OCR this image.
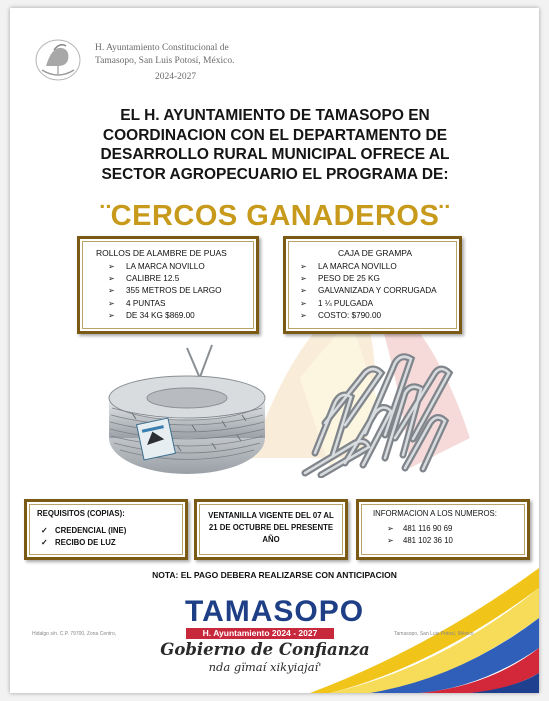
H. Ayuntamiento Constitucional de
Tamasopo, San Luis Potosí, México.
2024-2027
EL H. AYUNTAMIENTO DE TAMASOPO EN
COORDINACION CON EL DEPARTAMENTO DE
DESARROLLO RURAL MUNICIPAL OFRECE AL
SECTOR AGROPECUARIO EL PROGRAMA DE:
¨CERCOS GANADEROS¨
ROLLOS DE ALAMBRE DE PUAS
➢ LA MARCA NOVILLO
➢ CALIBRE 12.5
➢ 355 METROS DE LARGO
➢ 4 PUNTAS
➢ DE 34 KG $869.00
CAJA DE GRAMPA
➢ LA MARCA NOVILLO
➢ PESO DE 25 KG
➢ GALVANIZADA Y CORRUGADA
➢ 1 ¼ PULGADA
➢ COSTO: $790.00
REQUISITOS (COPIAS):
✓ CREDENCIAL (INE)
✓ RECIBO DE LUZ
VENTANILLA VIGENTE DEL 07 AL
21 DE OCTUBRE DEL PRESENTE
AÑO
INFORMACION A LOS NUMEROS:
➢ 481 116 90 69
➢ 481 102 36 10
NOTA: EL PAGO DEBERA REALIZARSE CON ANTICIPACION
TAMASOPO
H. Ayuntamiento 2024 - 2027
Gobierno de Confianza
nda gïmaí xikyiajaí'
Hidalgo s/n. C.P. 79700, Zona Centro,	Tamasopo, San Luis Potosí, México
